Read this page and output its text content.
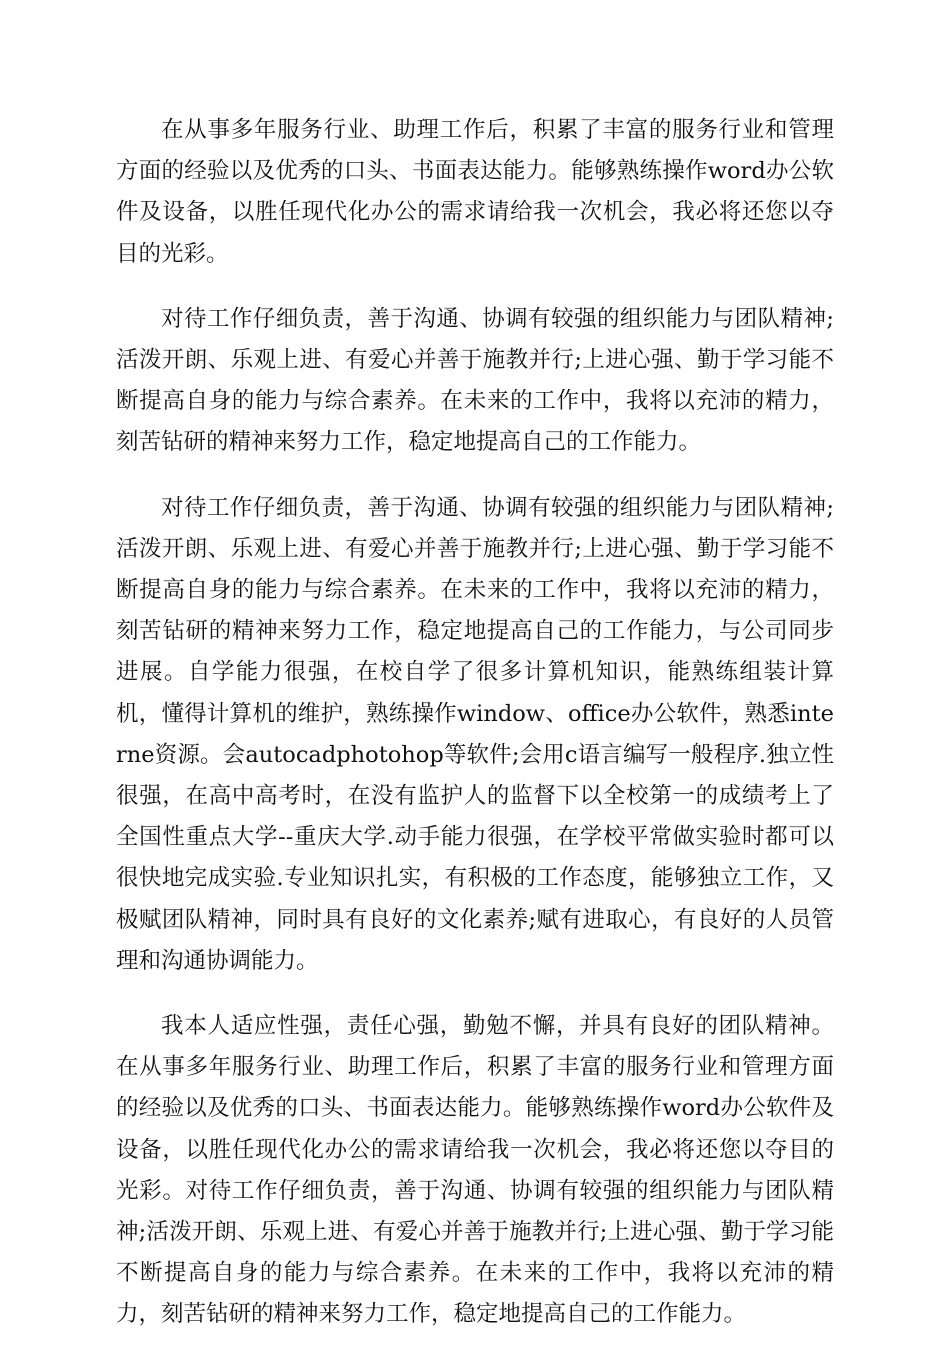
在从事多年服务行业、助理工作后，积累了丰富的服务行业和管理方面的经验以及优秀的口头、书面表达能力。能够熟练操作word办公软件及设备，以胜任现代化办公的需求请给我一次机会，我必将还您以夺目的光彩。

对待工作仔细负责，善于沟通、协调有较强的组织能力与团队精神;活泼开朗、乐观上进、有爱心并善于施教并行;上进心强、勤于学习能不断提高自身的能力与综合素养。在未来的工作中，我将以充沛的精力，刻苦钻研的精神来努力工作，稳定地提高自己的工作能力。

对待工作仔细负责，善于沟通、协调有较强的组织能力与团队精神;活泼开朗、乐观上进、有爱心并善于施教并行;上进心强、勤于学习能不断提高自身的能力与综合素养。在未来的工作中，我将以充沛的精力，刻苦钻研的精神来努力工作，稳定地提高自己的工作能力，与公司同步进展。自学能力很强，在校自学了很多计算机知识，能熟练组装计算机，懂得计算机的维护，熟练操作window、office办公软件，熟悉interne资源。会autocadphotohop等软件;会用c语言编写一般程序.独立性很强，在高中高考时，在没有监护人的监督下以全校第一的成绩考上了全国性重点大学--重庆大学.动手能力很强，在学校平常做实验时都可以很快地完成实验.专业知识扎实，有积极的工作态度，能够独立工作，又极赋团队精神，同时具有良好的文化素养;赋有进取心，有良好的人员管理和沟通协调能力。

我本人适应性强，责任心强，勤勉不懈，并具有良好的团队精神。在从事多年服务行业、助理工作后，积累了丰富的服务行业和管理方面的经验以及优秀的口头、书面表达能力。能够熟练操作word办公软件及设备，以胜任现代化办公的需求请给我一次机会，我必将还您以夺目的光彩。对待工作仔细负责，善于沟通、协调有较强的组织能力与团队精神;活泼开朗、乐观上进、有爱心并善于施教并行;上进心强、勤于学习能不断提高自身的能力与综合素养。在未来的工作中，我将以充沛的精力，刻苦钻研的精神来努力工作，稳定地提高自己的工作能力。
